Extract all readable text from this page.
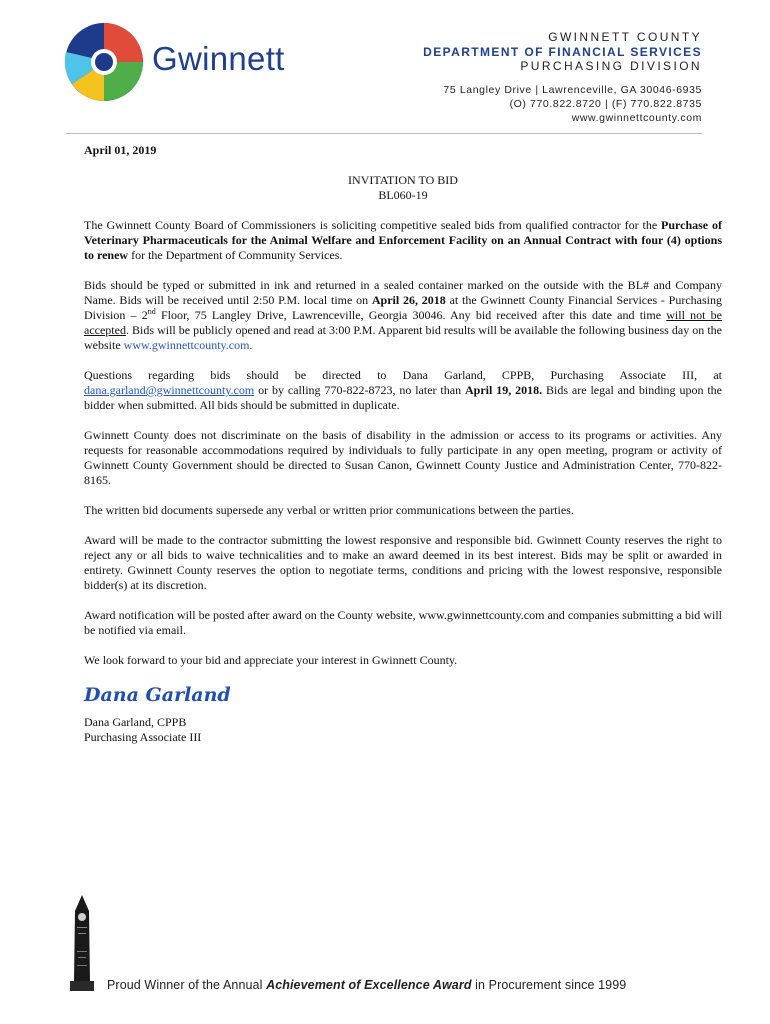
Gwinnett
GWINNETT COUNTY
DEPARTMENT OF FINANCIAL SERVICES
PURCHASING DIVISION
75 Langley Drive | Lawrenceville, GA 30046-6935
(O) 770.822.8720 | (F) 770.822.8735
www.gwinnettcounty.com
April 01, 2019
INVITATION TO BID
BL060-19
The Gwinnett County Board of Commissioners is soliciting competitive sealed bids from qualified contractor for the Purchase of Veterinary Pharmaceuticals for the Animal Welfare and Enforcement Facility on an Annual Contract with four (4) options to renew for the Department of Community Services.
Bids should be typed or submitted in ink and returned in a sealed container marked on the outside with the BL# and Company Name. Bids will be received until 2:50 P.M. local time on April 26, 2018 at the Gwinnett County Financial Services - Purchasing Division – 2nd Floor, 75 Langley Drive, Lawrenceville, Georgia 30046. Any bid received after this date and time will not be accepted. Bids will be publicly opened and read at 3:00 P.M. Apparent bid results will be available the following business day on the website www.gwinnettcounty.com.
Questions regarding bids should be directed to Dana Garland, CPPB, Purchasing Associate III, at dana.garland@gwinnettcounty.com or by calling 770-822-8723, no later than April 19, 2018. Bids are legal and binding upon the bidder when submitted. All bids should be submitted in duplicate.
Gwinnett County does not discriminate on the basis of disability in the admission or access to its programs or activities. Any requests for reasonable accommodations required by individuals to fully participate in any open meeting, program or activity of Gwinnett County Government should be directed to Susan Canon, Gwinnett County Justice and Administration Center, 770-822-8165.
The written bid documents supersede any verbal or written prior communications between the parties.
Award will be made to the contractor submitting the lowest responsive and responsible bid. Gwinnett County reserves the right to reject any or all bids to waive technicalities and to make an award deemed in its best interest. Bids may be split or awarded in entirety. Gwinnett County reserves the option to negotiate terms, conditions and pricing with the lowest responsive, responsible bidder(s) at its discretion.
Award notification will be posted after award on the County website, www.gwinnettcounty.com and companies submitting a bid will be notified via email.
We look forward to your bid and appreciate your interest in Gwinnett County.
Dana Garland
Dana Garland, CPPB
Purchasing Associate III
Proud Winner of the Annual Achievement of Excellence Award in Procurement since 1999
